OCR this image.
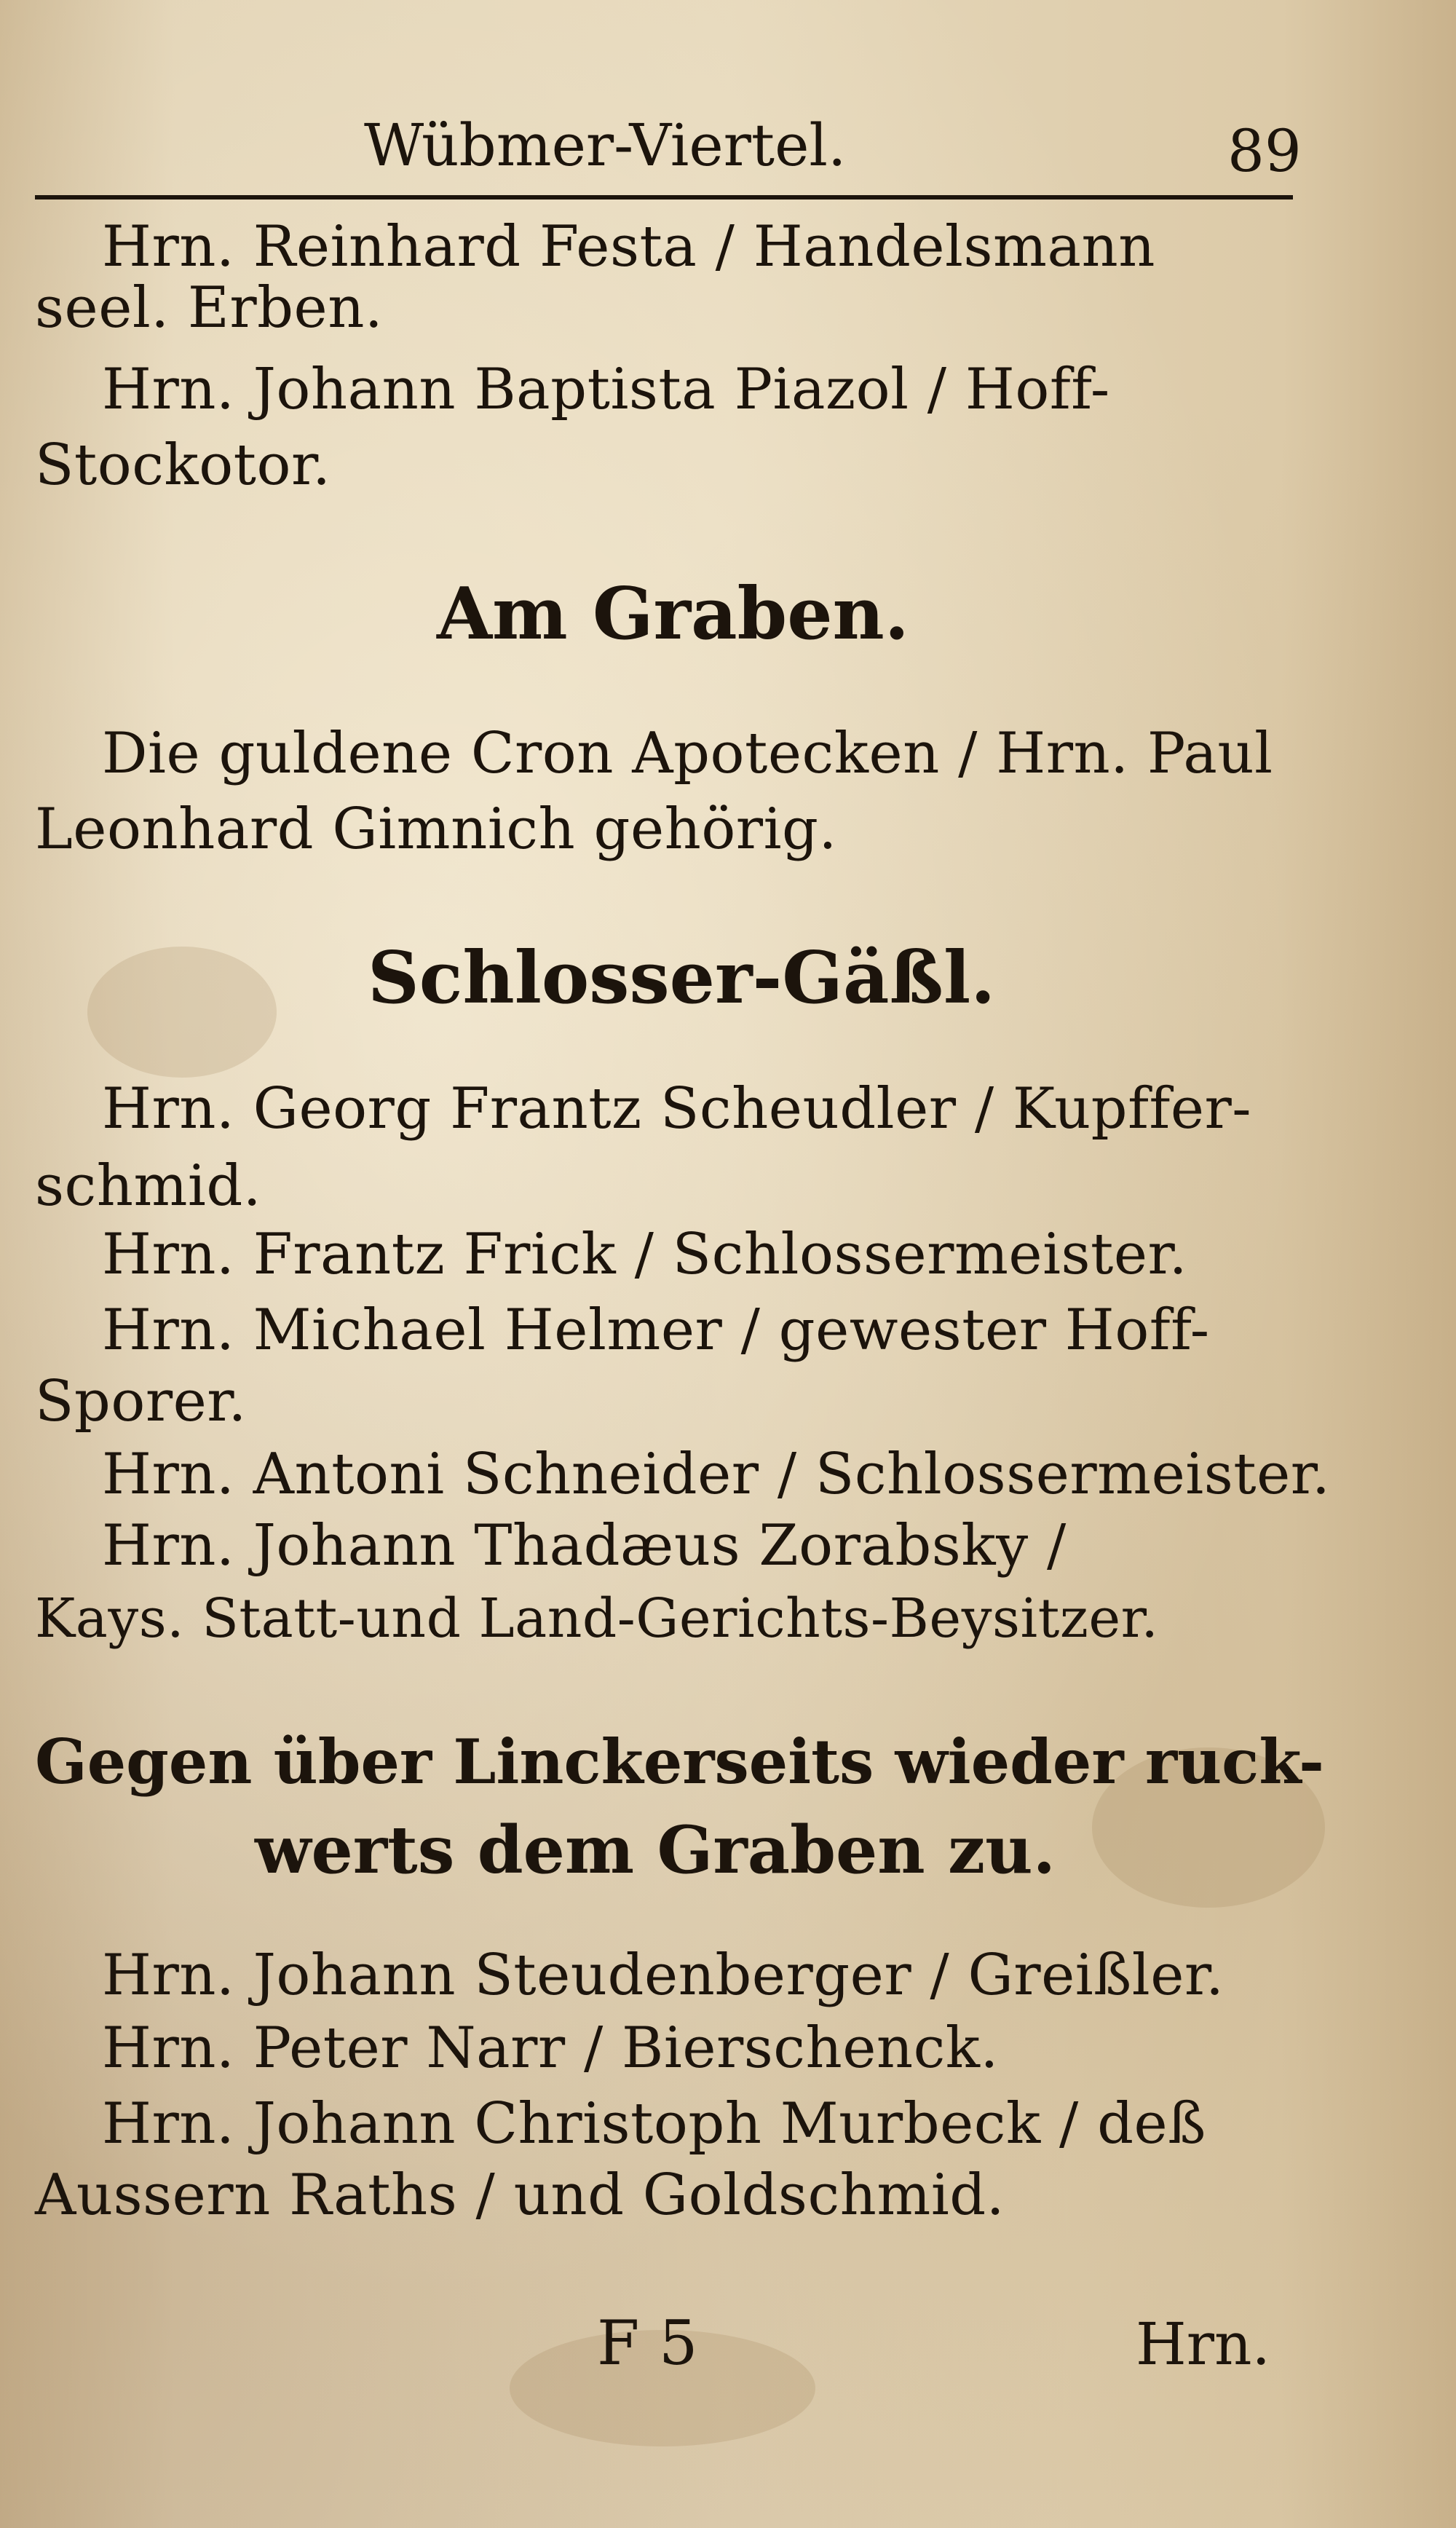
Wübmer-Viertel.	89
Hrn. Reinhard Festa / Handelsmann
seel. Erben.
Hrn. Johann Baptista Piazol / Hoff-
Stockotor.
Am Graben.
Die guldene Cron Apotecken / Hrn. Paul
Leonhard Gimnich gehörig.
Schlosser-Gäßl.
Hrn. Georg Frantz Scheudler / Kupffer-
schmid.
Hrn. Frantz Frick / Schlossermeister.
Hrn. Michael Helmer / gewester Hoff-
Sporer.
Hrn. Antoni Schneider / Schlossermeister.
Hrn. Johann Thadæus Zorabsky /
Kays. Statt-und Land-Gerichts-Beysitzer.
Gegen über Linckerseits wieder ruck-
werts dem Graben zu.
Hrn. Johann Steudenberger / Greißler.
Hrn. Peter Narr / Bierschenck.
Hrn. Johann Christoph Murbeck / deß
Aussern Raths / und Goldschmid.
F 5	Hrn.
